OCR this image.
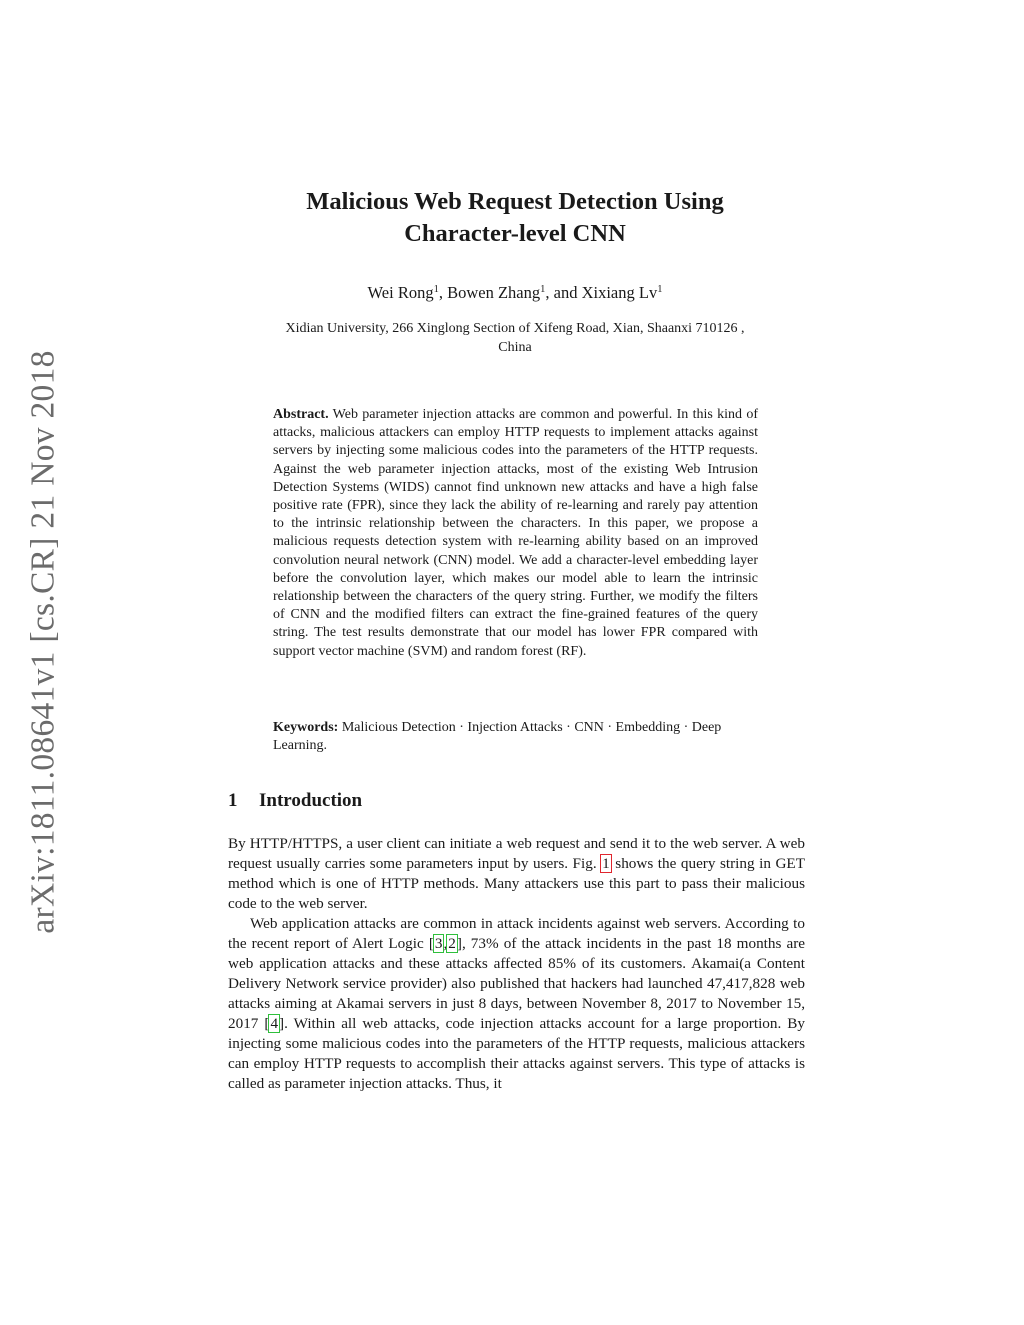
arXiv:1811.08641v1 [cs.CR] 21 Nov 2018
Malicious Web Request Detection Using
Character-level CNN
Wei Rong$^1$, Bowen Zhang$^1$, and Xixiang Lv$^1$
Xidian University, 266 Xinglong Section of Xifeng Road, Xian, Shaanxi 710126 ,
China

Abstract. Web parameter injection attacks are common and powerful. In this kind of attacks, malicious attackers can employ HTTP requests to implement attacks against servers by injecting some malicious codes into the parameters of the HTTP requests. Against the web parameter injection attacks, most of the existing Web Intrusion Detection Systems (WIDS) cannot find unknown new attacks and have a high false positive rate (FPR), since they lack the ability of re-learning and rarely pay attention to the intrinsic relationship between the characters. In this paper, we propose a malicious requests detection system with re-learning ability based on an improved convolution neural network (CNN) model. We add a character-level embedding layer before the convolution layer, which makes our model able to learn the intrinsic relationship between the characters of the query string. Further, we modify the filters of CNN and the modified filters can extract the fine-grained features of the query string. The test results demonstrate that our model has lower FPR compared with support vector machine (SVM) and random forest (RF).

Keywords: Malicious Detection · Injection Attacks · CNN · Embedding · Deep Learning.

1 Introduction

By HTTP/HTTPS, a user client can initiate a web request and send it to the web server. A web request usually carries some parameters input by users. Fig. 1 shows the query string in GET method which is one of HTTP methods. Many attackers use this part to pass their malicious code to the web server.

Web application attacks are common in attack incidents against web servers. According to the recent report of Alert Logic [3,2], 73% of the attack incidents in the past 18 months are web application attacks and these attacks affected 85% of its customers. Akamai(a Content Delivery Network service provider) also published that hackers had launched 47,417,828 web attacks aiming at Akamai servers in just 8 days, between November 8, 2017 to November 15, 2017 [4]. Within all web attacks, code injection attacks account for a large proportion. By injecting some malicious codes into the parameters of the HTTP requests, malicious attackers can employ HTTP requests to accomplish their attacks against servers. This type of attacks is called as parameter injection attacks. Thus, it
